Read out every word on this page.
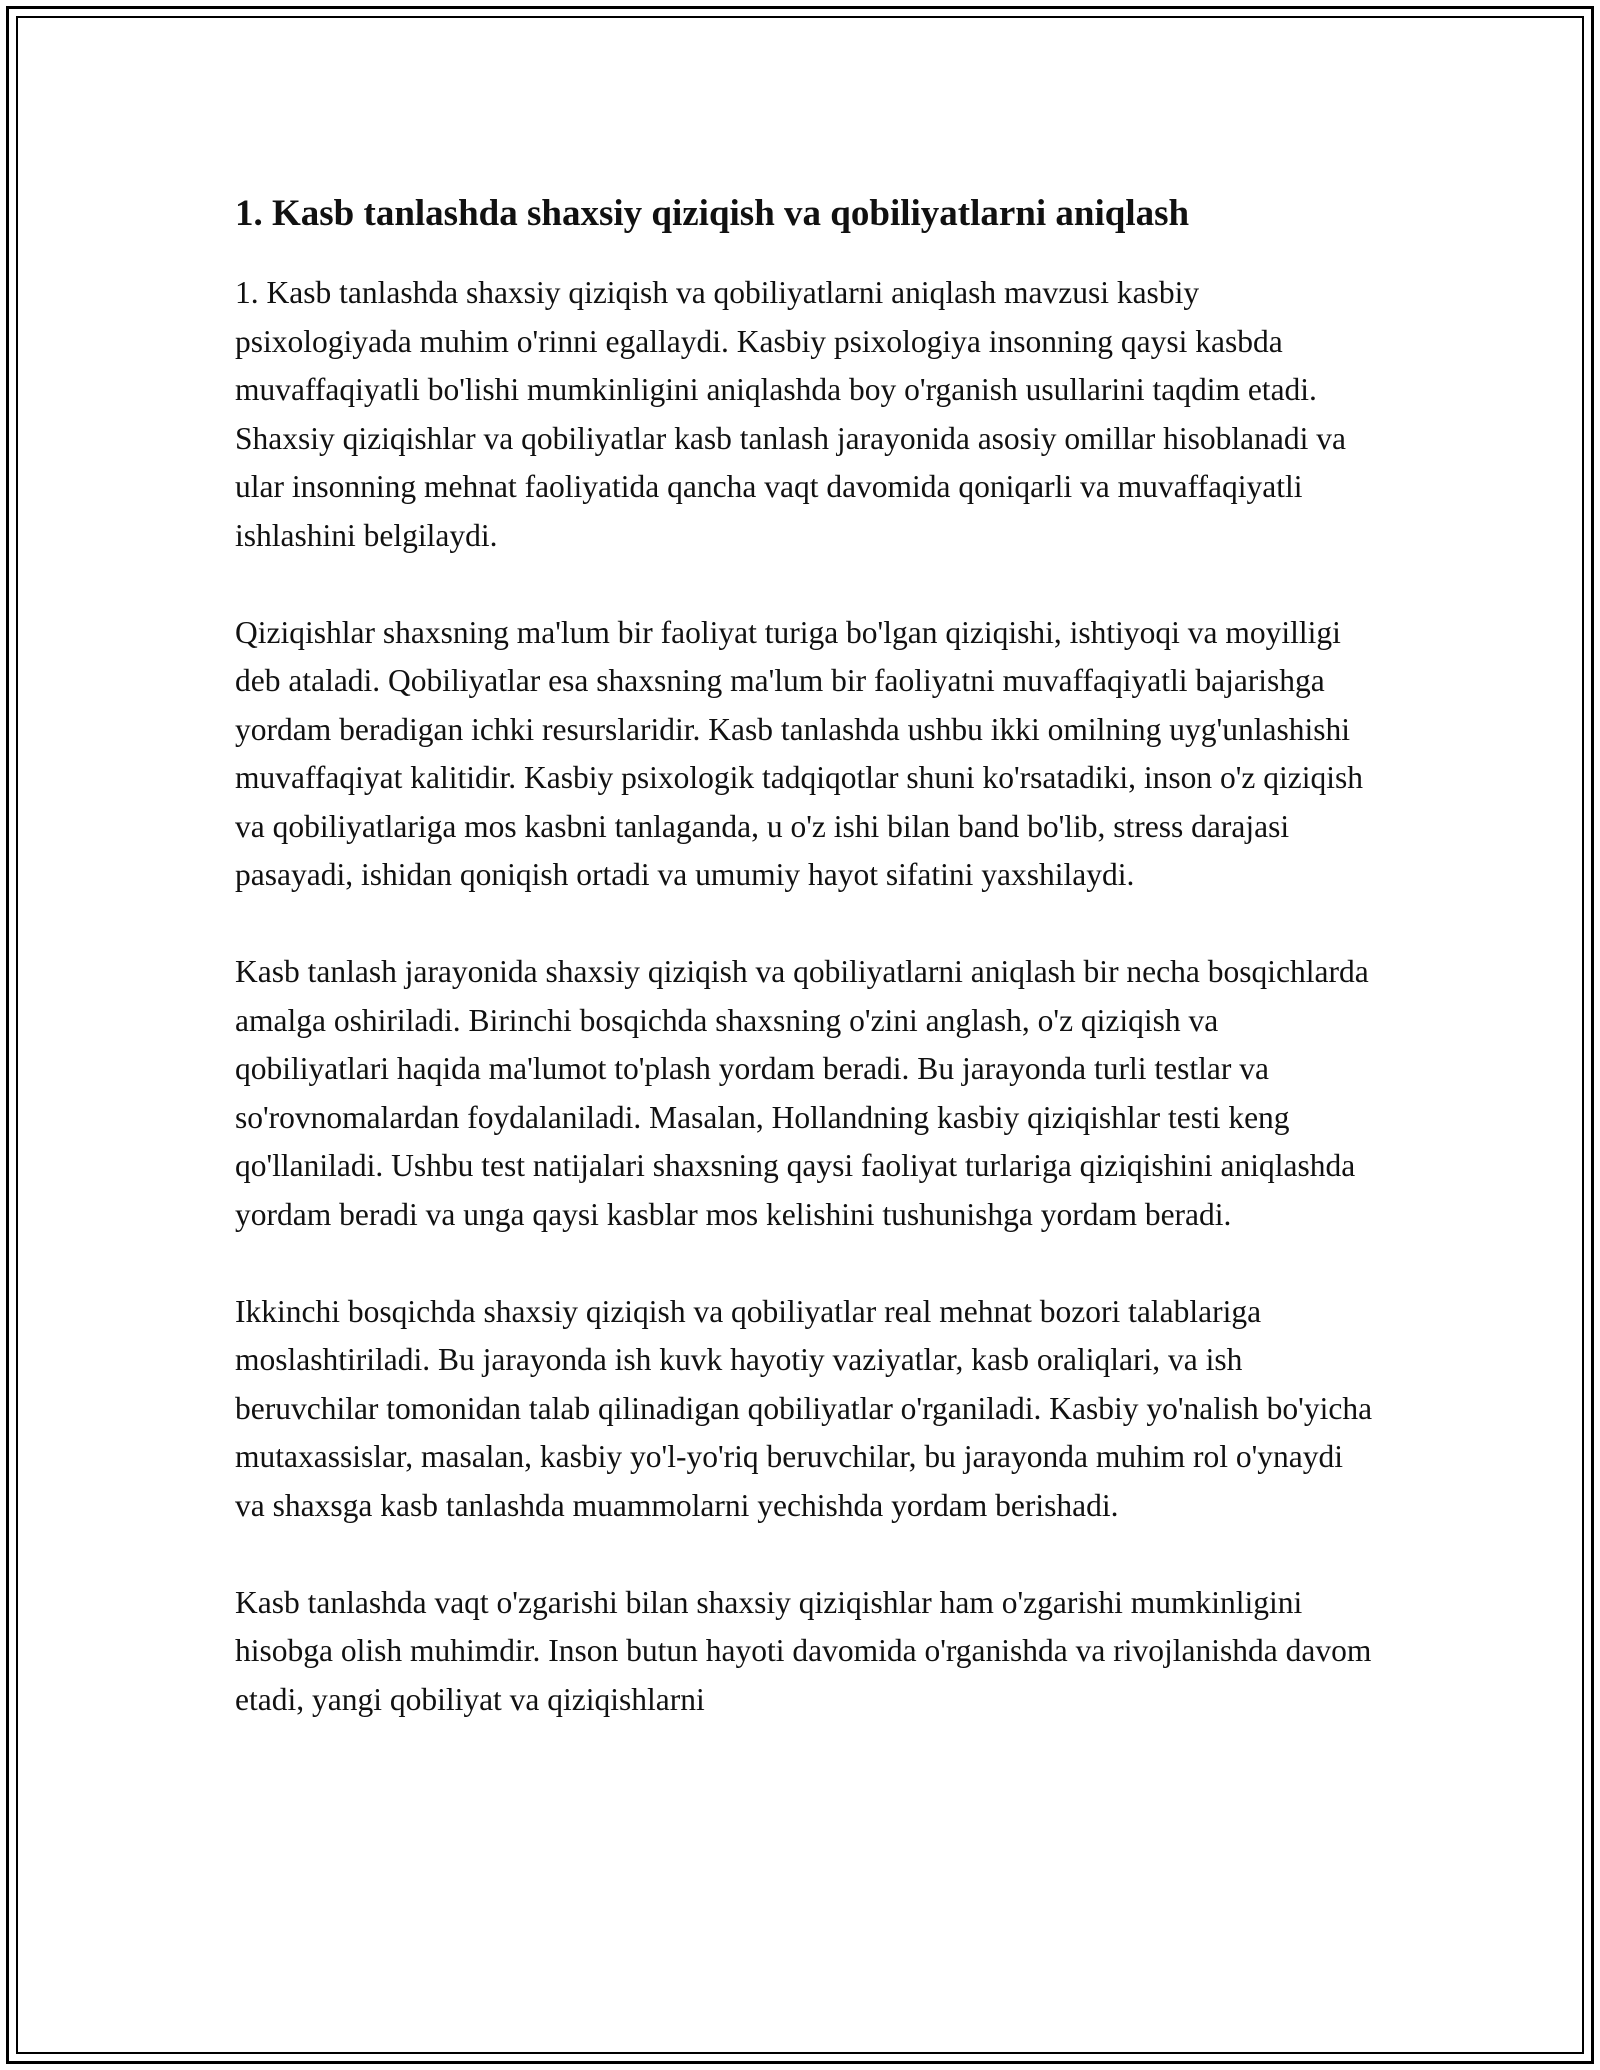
1. Kasb tanlashda shaxsiy qiziqish va qobiliyatlarni aniqlash

1. Kasb tanlashda shaxsiy qiziqish va qobiliyatlarni aniqlash mavzusi kasbiy psixologiyada muhim o'rinni egallaydi. Kasbiy psixologiya insonning qaysi kasbda muvaffaqiyatli bo'lishi mumkinligini aniqlashda boy o'rganish usullarini taqdim etadi. Shaxsiy qiziqishlar va qobiliyatlar kasb tanlash jarayonida asosiy omillar hisoblanadi va ular insonning mehnat faoliyatida qancha vaqt davomida qoniqarli va muvaffaqiyatli ishlashini belgilaydi.

Qiziqishlar shaxsning ma'lum bir faoliyat turiga bo'lgan qiziqishi, ishtiyoqi va moyilligi deb ataladi. Qobiliyatlar esa shaxsning ma'lum bir faoliyatni muvaffaqiyatli bajarishga yordam beradigan ichki resurslaridir. Kasb tanlashda ushbu ikki omilning uyg'unlashishi muvaffaqiyat kalitidir. Kasbiy psixologik tadqiqotlar shuni ko'rsatadiki, inson o'z qiziqish va qobiliyatlariga mos kasbni tanlaganda, u o'z ishi bilan band bo'lib, stress darajasi pasayadi, ishidan qoniqish ortadi va umumiy hayot sifatini yaxshilaydi.

Kasb tanlash jarayonida shaxsiy qiziqish va qobiliyatlarni aniqlash bir necha bosqichlarda amalga oshiriladi. Birinchi bosqichda shaxsning o'zini anglash, o'z qiziqish va qobiliyatlari haqida ma'lumot to'plash yordam beradi. Bu jarayonda turli testlar va so'rovnomalardan foydalaniladi. Masalan, Hollandning kasbiy qiziqishlar testi keng qo'llaniladi. Ushbu test natijalari shaxsning qaysi faoliyat turlariga qiziqishini aniqlashda yordam beradi va unga qaysi kasblar mos kelishini tushunishga yordam beradi.

Ikkinchi bosqichda shaxsiy qiziqish va qobiliyatlar real mehnat bozori talablariga moslashtiriladi. Bu jarayonda ish kuvk hayotiy vaziyatlar, kasb oraliqlari, va ish beruvchilar tomonidan talab qilinadigan qobiliyatlar o'rganiladi. Kasbiy yo'nalish bo'yicha mutaxassislar, masalan, kasbiy yo'l-yo'riq beruvchilar, bu jarayonda muhim rol o'ynaydi va shaxsga kasb tanlashda muammolarni yechishda yordam berishadi.

Kasb tanlashda vaqt o'zgarishi bilan shaxsiy qiziqishlar ham o'zgarishi mumkinligini hisobga olish muhimdir. Inson butun hayoti davomida o'rganishda va rivojlanishda davom etadi, yangi qobiliyat va qiziqishlarni
